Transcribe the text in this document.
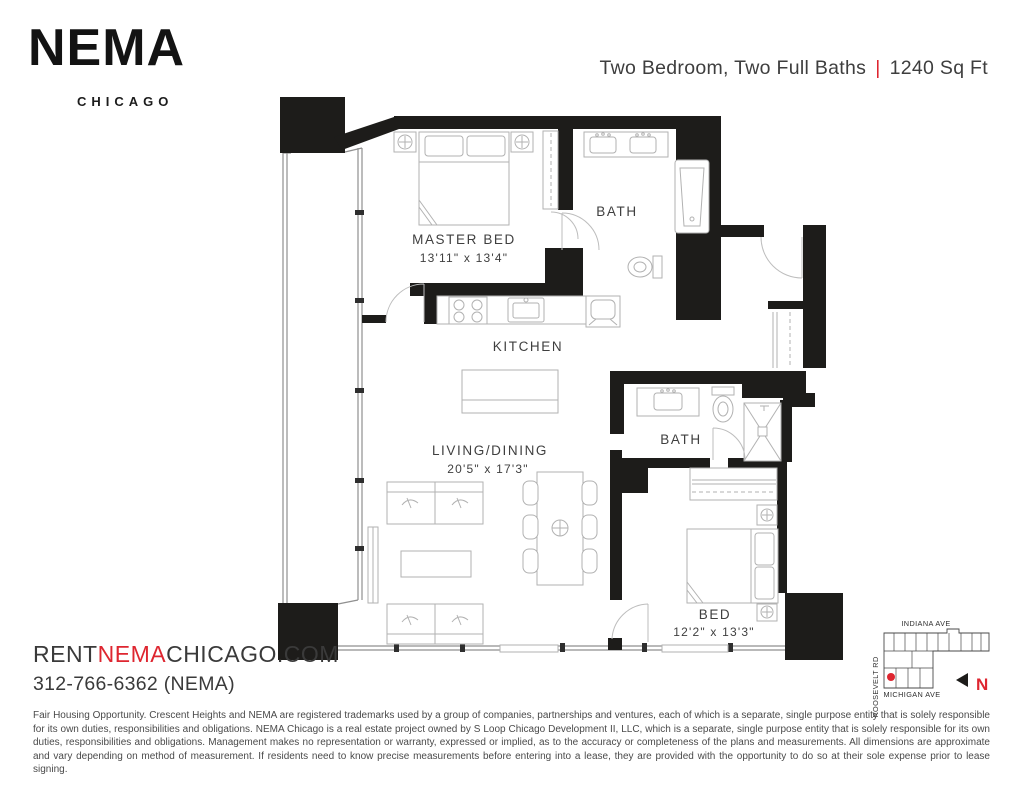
NEMA
CHICAGO
Two Bedroom, Two Full Baths | 1240 Sq Ft
MASTER BED
13'11" x 13'4"
BATH
KITCHEN
LIVING/DINING
20'5" x 17'3"
BATH
BED
12'2" x 13'3"
INDIANA AVE
ROOSEVELT RD MICHIGAN AVE
N
RENTNEMACHICAGO.COM
312-766-6362 (NEMA)
Fair Housing Opportunity. Crescent Heights and NEMA are registered trademarks used by a group of companies, partnerships and ventures, each of which is a separate, single purpose entity that is solely responsible for its own duties, responsibilities and obligations. NEMA Chicago is a real estate project owned by S Loop Chicago Development II, LLC, which is a separate, single purpose entity that is solely responsible for its own duties, responsibilities and obligations. Management makes no representation or warranty, expressed or implied, as to the accuracy or completeness of the plans and measurements. All dimensions are approximate and vary depending on method of measurement. If residents need to know precise measurements before entering into a lease, they are provided with the opportunity to do so at their sole expense prior to lease signing.
